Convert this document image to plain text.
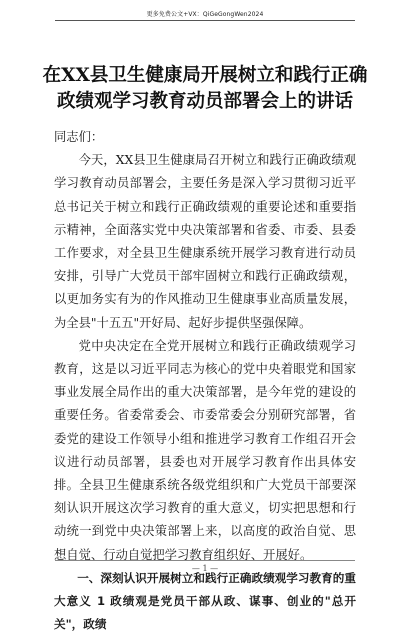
更多免费公文+VX：QiGeGongWen2024
在XX县卫生健康局开展树立和践行正确
政绩观学习教育动员部署会上的讲话

同志们：

今天，XX县卫生健康局召开树立和践行正确政绩观学习教育动员部署会，主要任务是深入学习贯彻习近平总书记关于树立和践行正确政绩观的重要论述和重要指示精神，全面落实党中央决策部署和省委、市委、县委工作要求，对全县卫生健康系统开展学习教育进行动员安排，引导广大党员干部牢固树立和践行正确政绩观，以更加务实有为的作风推动卫生健康事业高质量发展，为全县"十五五"开好局、起好步提供坚强保障。

党中央决定在全党开展树立和践行正确政绩观学习教育，这是以习近平同志为核心的党中央着眼党和国家事业发展全局作出的重大决策部署，是今年党的建设的重要任务。省委常委会、市委常委会分别研究部署，省委党的建设工作领导小组和推进学习教育工作组召开会议进行动员部署，县委也对开展学习教育作出具体安排。全县卫生健康系统各级党组织和广大党员干部要深刻认识开展这次学习教育的重大意义，切实把思想和行动统一到党中央决策部署上来，以高度的政治自觉、思想自觉、行动自觉把学习教育组织好、开展好。

一、深刻认识开展树立和践行正确政绩观学习教育的重大意义 1 政绩观是党员干部从政、谋事、创业的"总开关"，政绩

— 1 —
